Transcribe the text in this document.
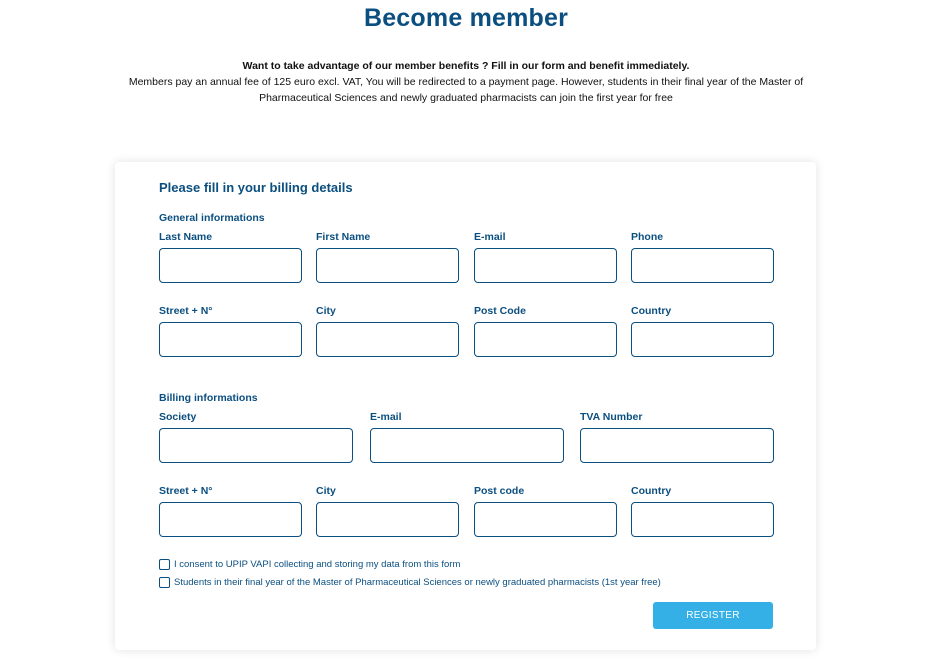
Become member
Want to take advantage of our member benefits ? Fill in our form and benefit immediately.
Members pay an annual fee of 125 euro excl. VAT, You will be redirected to a payment page. However, students in their final year of the Master of Pharmaceutical Sciences and newly graduated pharmacists can join the first year for free
Please fill in your billing details
General informations
Last Name	First Name	E-mail	Phone
Street + N°	City	Post Code	Country
Billing informations
Society	E-mail	TVA Number
Street + N°	City	Post code	Country
I consent to UPIP VAPI collecting and storing my data from this form
Students in their final year of the Master of Pharmaceutical Sciences or newly graduated pharmacists (1st year free)
REGISTER
